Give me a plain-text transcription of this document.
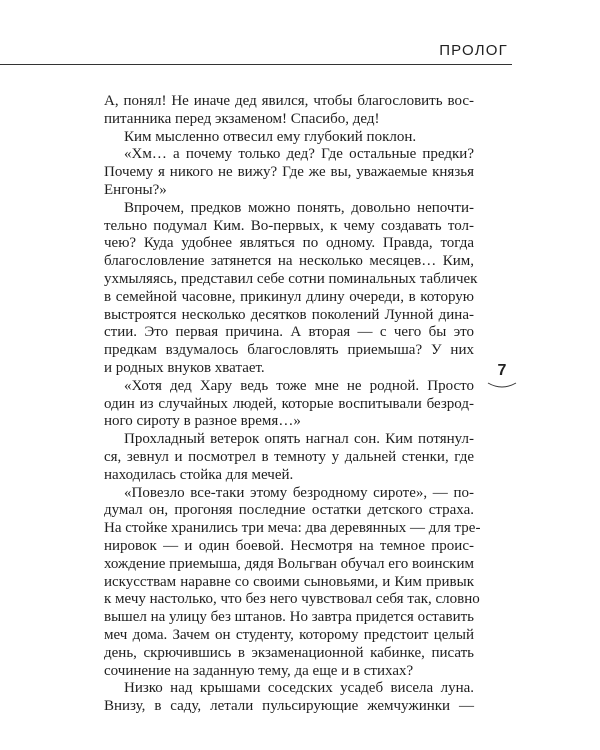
ПРОЛОГ
7
А, понял! Не иначе дед явился, чтобы благословить вос-
питанника перед экзаменом! Спасибо, дед!
Ким мысленно отвесил ему глубокий поклон.
«Хм… а почему только дед? Где остальные предки?
Почему я никого не вижу? Где же вы, уважаемые князья
Енгоны?»
Впрочем, предков можно понять, довольно непочти-
тельно подумал Ким. Во-первых, к чему создавать тол-
чею? Куда удобнее являться по одному. Правда, тогда
благословление затянется на несколько месяцев… Ким,
ухмыляясь, представил себе сотни поминальных табличек
в семейной часовне, прикинул длину очереди, в которую
выстроятся несколько десятков поколений Лунной дина-
стии. Это первая причина. А вторая — с чего бы это
предкам вздумалось благословлять приемыша? У них
и родных внуков хватает.
«Хотя дед Хару ведь тоже мне не родной. Просто
один из случайных людей, которые воспитывали безрод-
ного сироту в разное время…»
Прохладный ветерок опять нагнал сон. Ким потянул-
ся, зевнул и посмотрел в темноту у дальней стенки, где
находилась стойка для мечей.
«Повезло все-таки этому безродному сироте», — по-
думал он, прогоняя последние остатки детского страха.
На стойке хранились три меча: два деревянных — для тре-
нировок — и один боевой. Несмотря на темное проис-
хождение приемыша, дядя Вольгван обучал его воинским
искусствам наравне со своими сыновьями, и Ким привык
к мечу настолько, что без него чувствовал себя так, словно
вышел на улицу без штанов. Но завтра придется оставить
меч дома. Зачем он студенту, которому предстоит целый
день, скрючившись в экзаменационной кабинке, писать
сочинение на заданную тему, да еще и в стихах?
Низко над крышами соседских усадеб висела луна.
Внизу, в саду, летали пульсирующие жемчужинки —
